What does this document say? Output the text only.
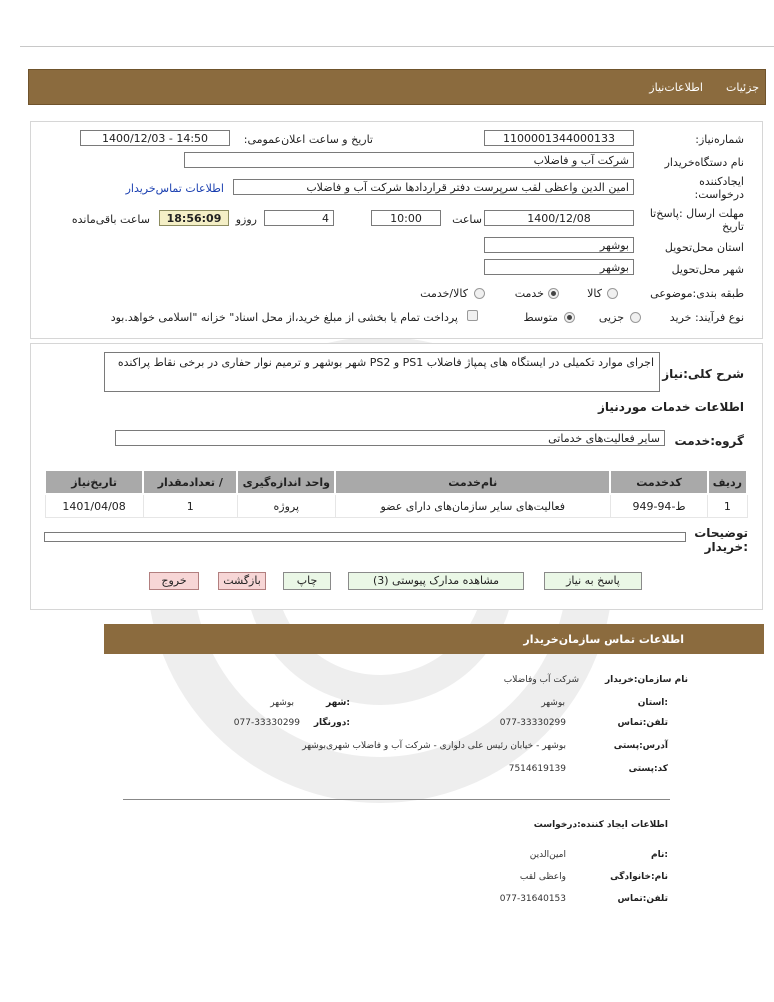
جزئیات
اطلاعات‌نیاز
شماره‌نیاز:
1100001344000133
تاریخ و ساعت اعلان‌عمومی:
1400/12/03 - 14:50
نام دستگاه‌خریدار
شرکت آب و فاضلاب
ایجادکننده
درخواست:
امین الدین واعظی لقب سرپرست دفتر قراردادها شرکت آب و فاضلاب
اطلاعات تماس‌خریدار
مهلت ارسال :پاسخ‌تا
تاریخ
1400/12/08
ساعت
10:00
4
روزو
18:56:09
ساعت باقی‌مانده
استان محل‌تحویل
بوشهر
شهر محل‌تحویل
بوشهر
طبقه بندی:موضوعی
کالا
خدمت
کالا/خدمت
نوع فرآیند: خرید
جزیی
متوسط
پرداخت تمام یا بخشی از مبلغ خرید،از محل اسناد" خزانه "اسلامی خواهد.بود
شرح کلی:نیاز
اجرای موارد تکمیلی در ایستگاه های پمپاژ فاضلاب PS1 و PS2 شهر بوشهر و ترمیم نوار حفاری در برخی نقاط پراکنده
اطلاعات خدمات موردنیاز
گروه:خدمت
سایر فعالیت‌های خدماتی
ردیف	کدخدمت	نام‌خدمت	واحد اندازه‌گیری	/ تعدادمقدار	تاریخ‌نیاز
1	ط-94-949	فعالیت‌های سایر سازمان‌های دارای عضو	پروژه	1	1401/04/08
توضیحات
:خریدار
پاسخ به نیاز
مشاهده مدارک پیوستی (3)
چاپ
بازگشت
خروج
اطلاعات تماس سازمان‌خریدار
نام سازمان:خریدار
شرکت آب وفاضلاب
:استان
بوشهر
:شهر
بوشهر
تلفن:تماس
077-33330299
:دورنگار
077-33330299
آدرس:پستی
بوشهر - خیابان رئیس علی دلواری - شرکت آب و فاضلاب شهری‌بوشهر
کد:پستی
7514619139
اطلاعات ایجاد کننده:درخواست
:نام
امین‌الدین
نام:خانوادگی
واعظی لقب
تلفن:تماس
077-31640153
